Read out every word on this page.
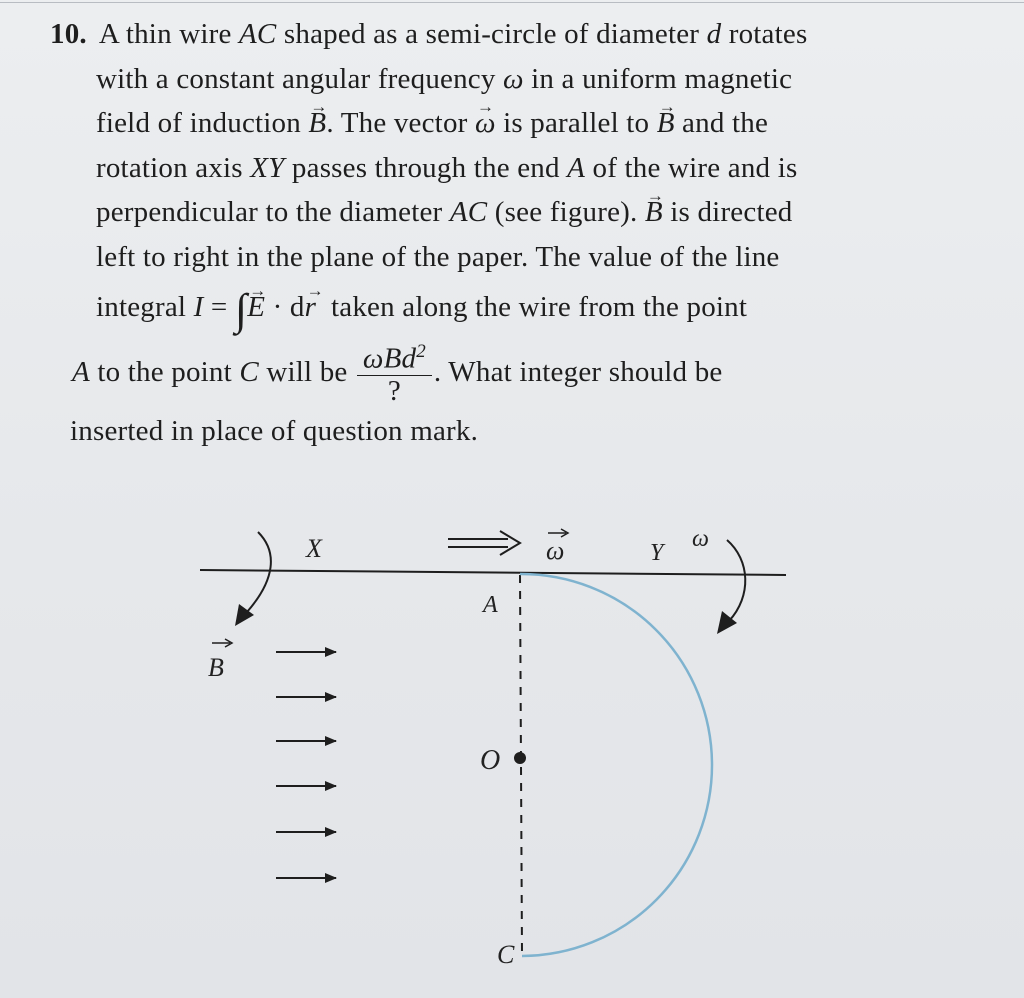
10. A thin wire AC shaped as a semi-circle of diameter d rotates
with a constant angular frequency ω in a uniform magnetic
field of induction → B. The vector → ω is parallel to → B and the
rotation axis XY passes through the end A of the wire and is
perpendicular to the diameter AC (see figure). → B is directed
left to right in the plane of the paper. The value of the line
integral I = ∫→ E · d→ r  taken along the wire from the point
A to the point C will be $\frac{\omega Bd^2}{?}$ . What integer should be
inserted in place of question mark.
X	ω	Y
ω
A
B
O
C
